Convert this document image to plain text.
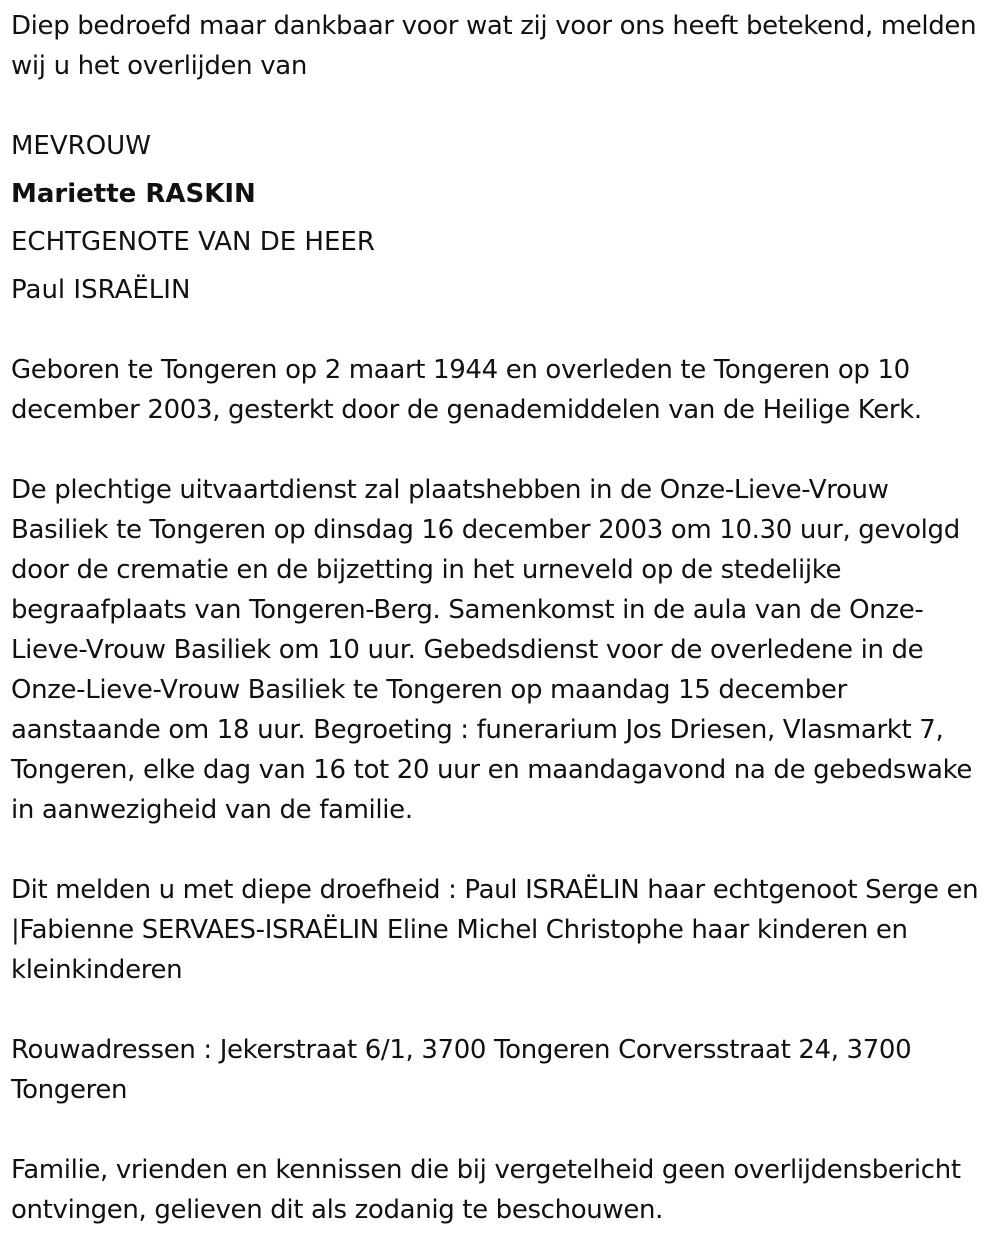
Diep bedroefd maar dankbaar voor wat zij voor ons heeft betekend, melden wij u het overlijden van

MEVROUW
Mariette RASKIN
ECHTGENOTE VAN DE HEER
Paul ISRAËLIN

Geboren te Tongeren op 2 maart 1944 en overleden te Tongeren op 10 december 2003, gesterkt door de genademiddelen van de Heilige Kerk.

De plechtige uitvaartdienst zal plaatshebben in de Onze-Lieve-Vrouw Basiliek te Tongeren op dinsdag 16 december 2003 om 10.30 uur, gevolgd door de crematie en de bijzetting in het urneveld op de stedelijke begraafplaats van Tongeren-Berg. Samenkomst in de aula van de Onze-Lieve-Vrouw Basiliek om 10 uur. Gebedsdienst voor de overledene in de Onze-Lieve-Vrouw Basiliek te Tongeren op maandag 15 december aanstaande om 18 uur. Begroeting : funerarium Jos Driesen, Vlasmarkt 7, Tongeren, elke dag van 16 tot 20 uur en maandagavond na de gebedswake in aanwezigheid van de familie.

Dit melden u met diepe droefheid : Paul ISRAËLIN haar echtgenoot Serge en |Fabienne SERVAES-ISRAËLIN Eline Michel Christophe haar kinderen en kleinkinderen

Rouwadressen : Jekerstraat 6/1, 3700 Tongeren Corversstraat 24, 3700 Tongeren

Familie, vrienden en kennissen die bij vergetelheid geen overlijdensbericht ontvingen, gelieven dit als zodanig te beschouwen.
